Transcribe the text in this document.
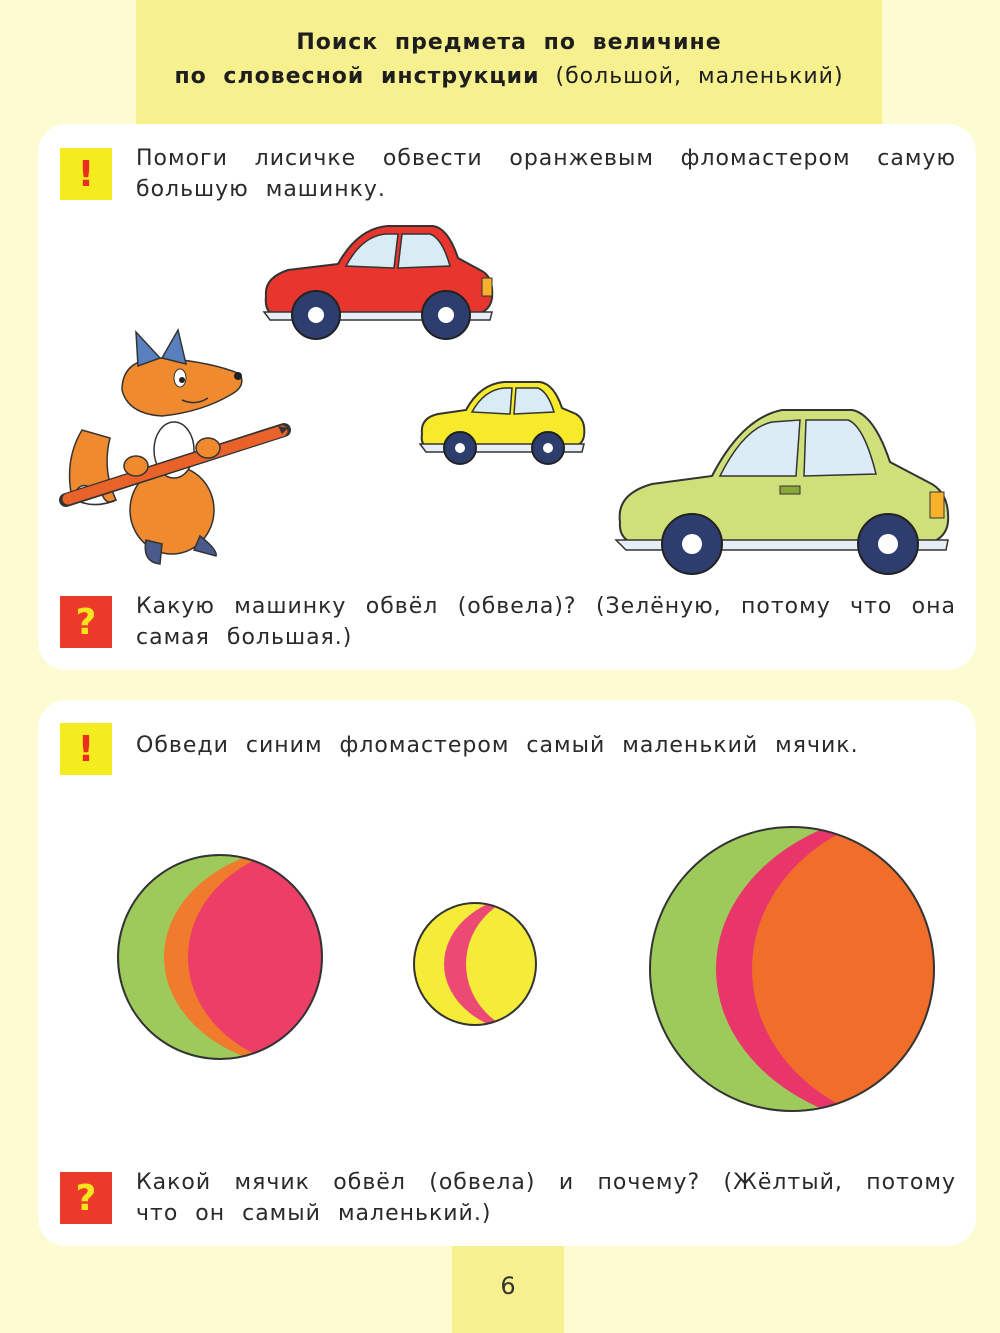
Поиск предмета по величине
по словесной инструкции (большой, маленький)
!	Помоги лисичке обвести оранжевым фломастером самую большую машинку.
?	Какую машинку обвёл (обвела)? (Зелёную, потому что она самая большая.)
!	Обведи синим фломастером самый маленький мячик.
?	Какой мячик обвёл (обвела) и почему? (Жёлтый, потому что он самый маленький.)
6
